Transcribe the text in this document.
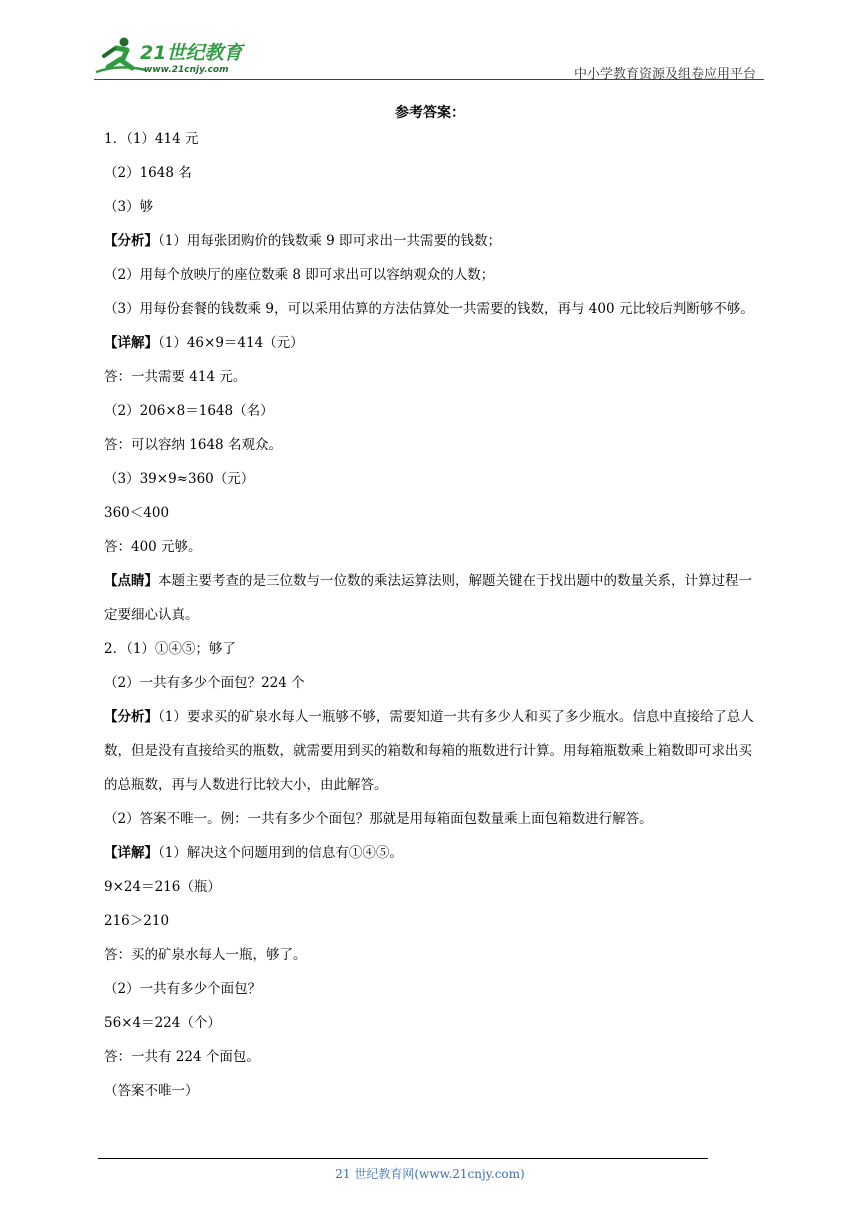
21世纪教育
www.21cnjy.com	中小学教育资源及组卷应用平台
参考答案：
1．（1）414 元
（2）1648 名
（3）够
【分析】（1）用每张团购价的钱数乘 9 即可求出一共需要的钱数；
（2）用每个放映厅的座位数乘 8 即可求出可以容纳观众的人数；
（3）用每份套餐的钱数乘 9，可以采用估算的方法估算处一共需要的钱数，再与 400 元比较后判断够不够。
【详解】（1）46×9＝414（元）
答：一共需要 414 元。
（2）206×8＝1648（名）
答：可以容纳 1648 名观众。
（3）39×9≈360（元）
360＜400
答：400 元够。
【点睛】本题主要考查的是三位数与一位数的乘法运算法则，解题关键在于找出题中的数量关系，计算过程一定要细心认真。
2．（1）①④⑤；够了
（2）一共有多少个面包？224 个
【分析】（1）要求买的矿泉水每人一瓶够不够，需要知道一共有多少人和买了多少瓶水。信息中直接给了总人数，但是没有直接给买的瓶数，就需要用到买的箱数和每箱的瓶数进行计算。用每箱瓶数乘上箱数即可求出买的总瓶数，再与人数进行比较大小，由此解答。
（2）答案不唯一。例：一共有多少个面包？那就是用每箱面包数量乘上面包箱数进行解答。
【详解】（1）解决这个问题用到的信息有①④⑤。
9×24＝216（瓶）
216＞210
答：买的矿泉水每人一瓶，够了。
（2）一共有多少个面包？
56×4＝224（个）
答：一共有 224 个面包。
（答案不唯一）
21 世纪教育网(www.21cnjy.com)
